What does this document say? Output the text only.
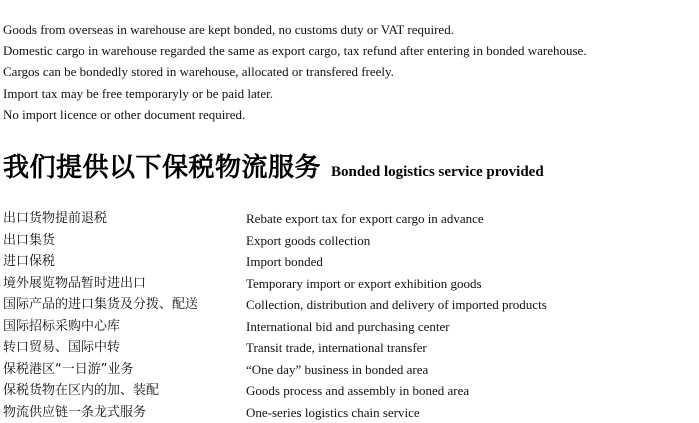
Goods from overseas in warehouse are kept bonded, no customs duty or VAT required.
Domestic cargo in warehouse regarded the same as export cargo, tax refund after entering in bonded warehouse.
Cargos can be bondedly stored in warehouse, allocated or transfered freely.
Import tax may be free temporaryly or be paid later.
No import licence or other document required.
我们提供以下保税物流服务 Bonded logistics service provided
出口货物提前退税	Rebate export tax for export cargo in advance
出口集货	Export goods collection
进口保税	Import bonded
境外展览物品暂时进出口	Temporary import or export exhibition goods
国际产品的进口集货及分拨、配送	Collection, distribution and delivery of imported products
国际招标采购中心库	International bid and purchasing center
转口贸易、国际中转	Transit trade, international transfer
保税港区“一日游”业务	“One day” business in bonded area
保税货物在区内的加、装配	Goods process and assembly in boned area
物流供应链一条龙式服务	One-series logistics chain service
